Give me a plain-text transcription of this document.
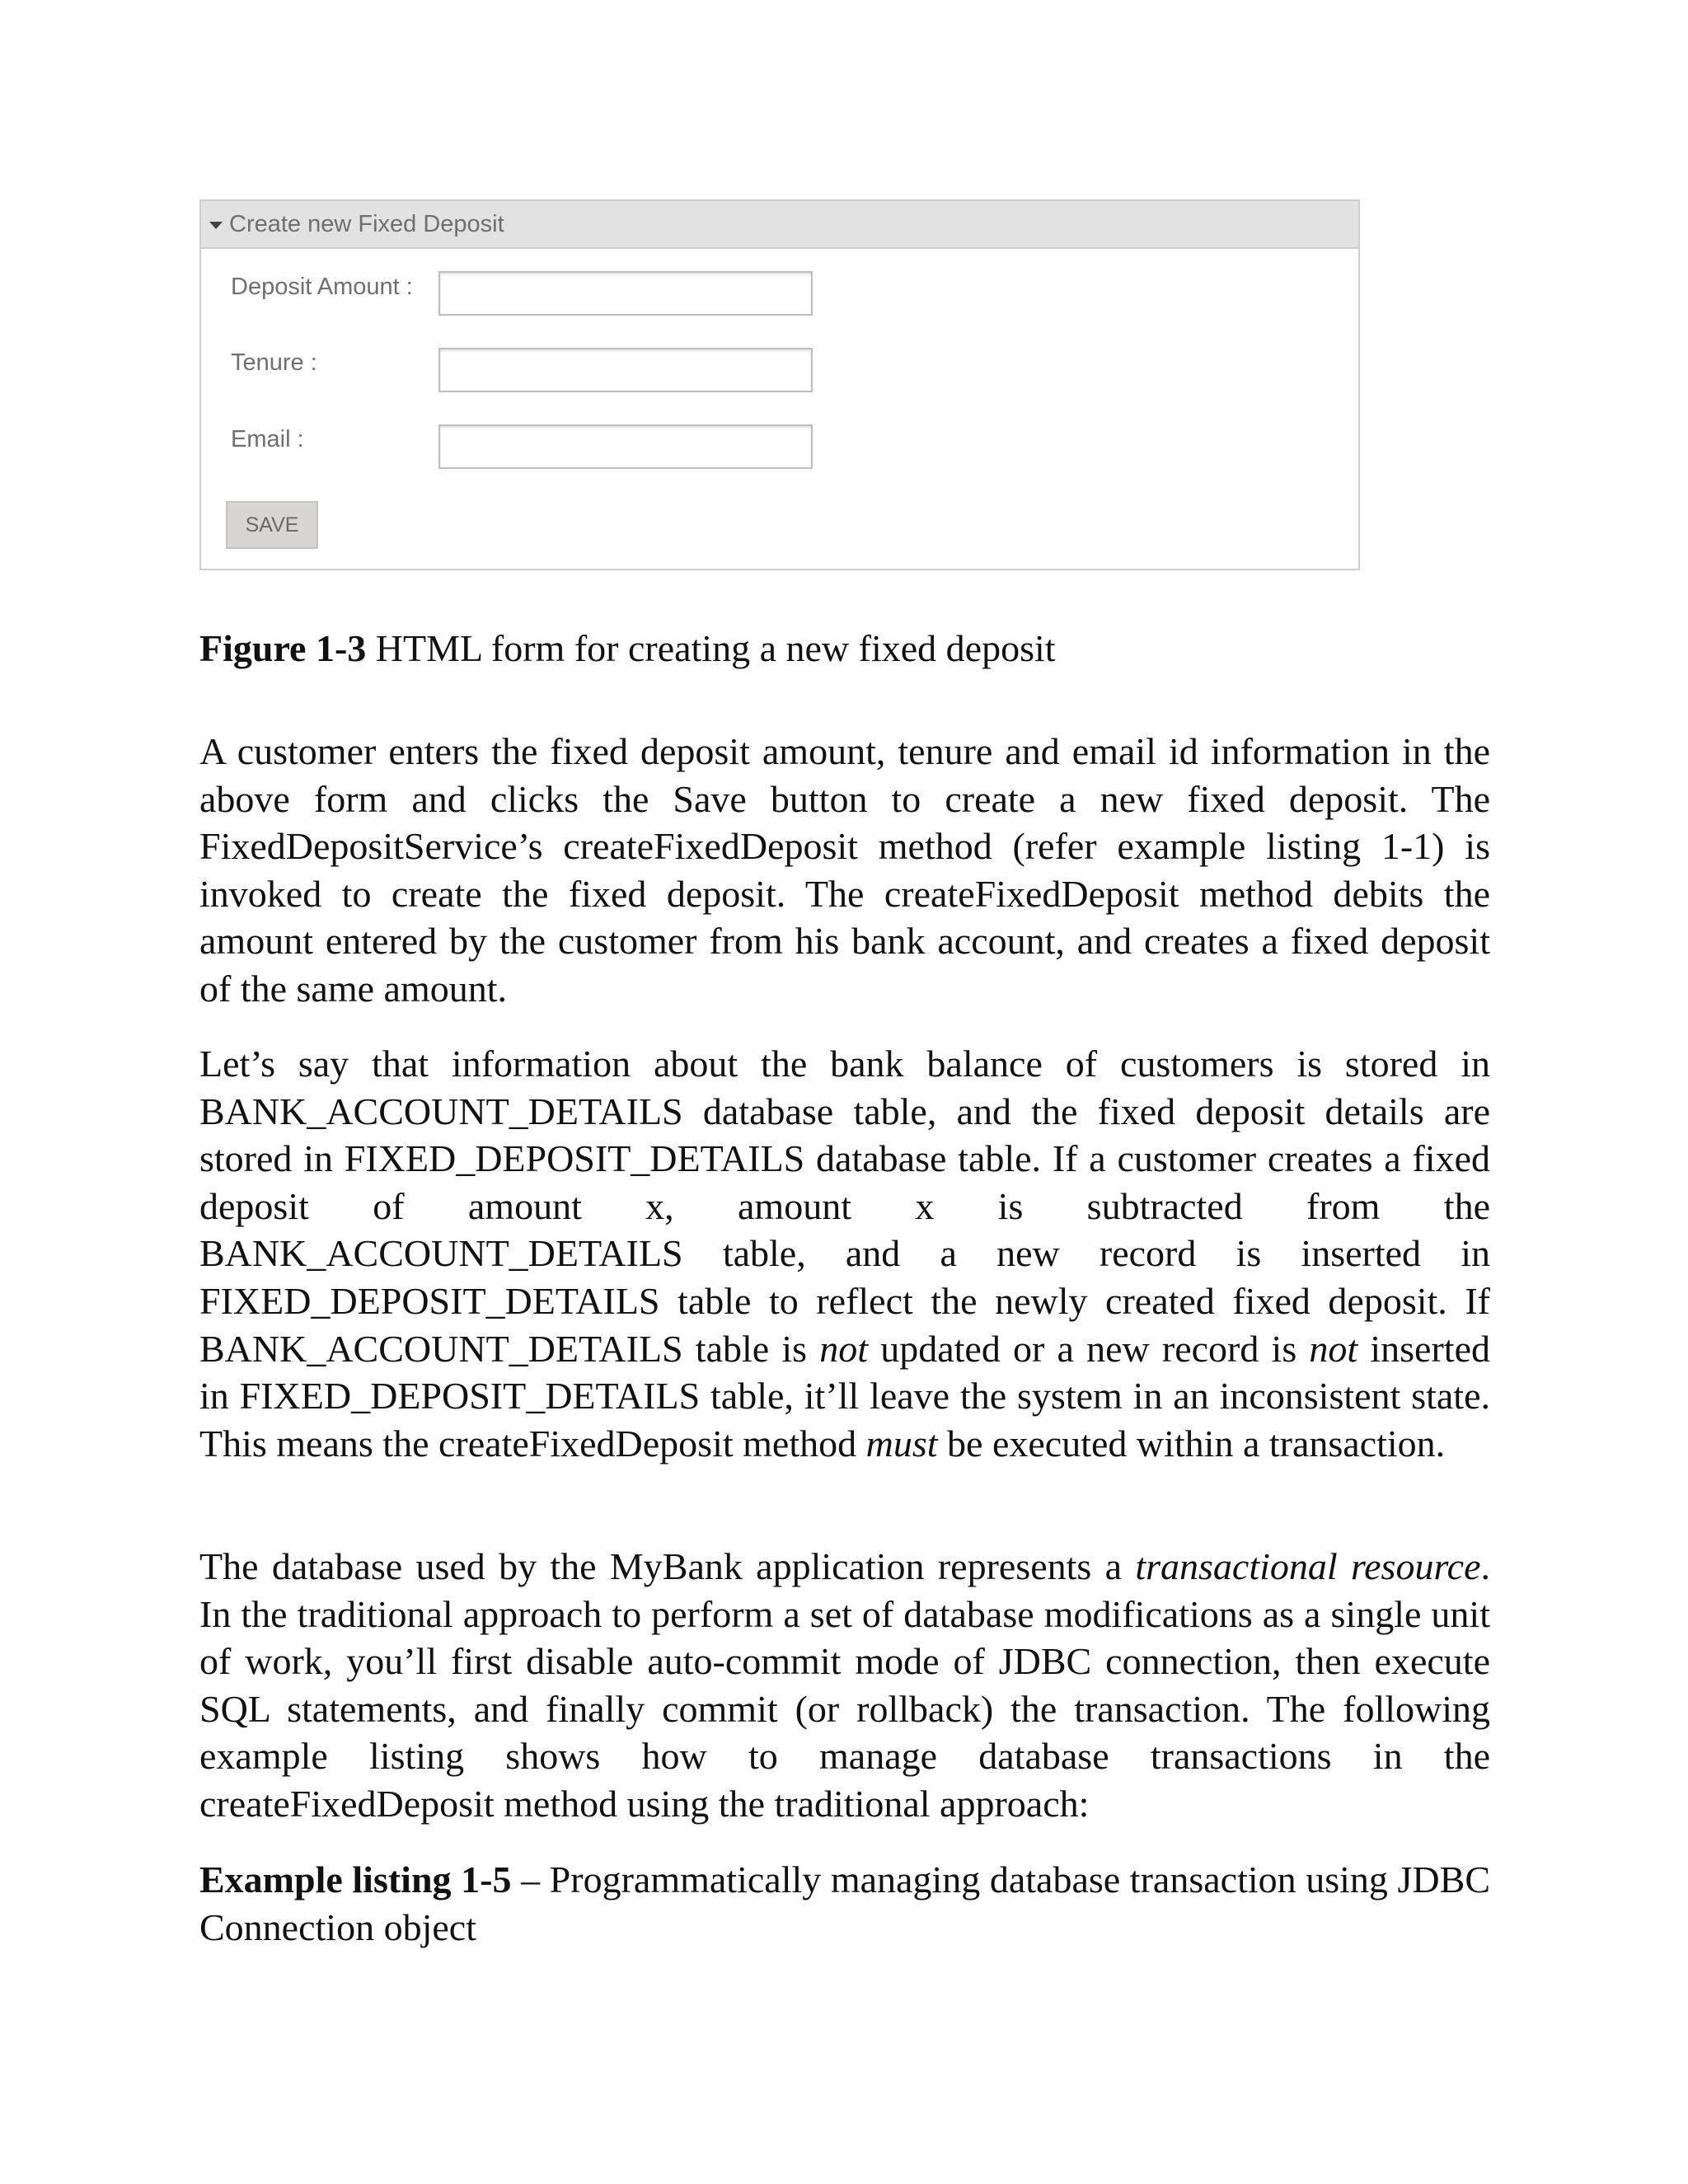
Create new Fixed Deposit
Deposit Amount :
Tenure :
Email :
SAVE
Figure 1-3 HTML form for creating a new fixed deposit

A customer enters the fixed deposit amount, tenure and email id information in the above form and clicks the Save button to create a new fixed deposit. The FixedDepositService’s createFixedDeposit method (refer example listing 1-1) is invoked to create the fixed deposit. The createFixedDeposit method debits the amount entered by the customer from his bank account, and creates a fixed deposit of the same amount.

Let’s say that information about the bank balance of customers is stored in BANK_ACCOUNT_DETAILS database table, and the fixed deposit details are stored in FIXED_DEPOSIT_DETAILS database table. If a customer creates a fixed deposit of amount x, amount x is subtracted from the BANK_ACCOUNT_DETAILS table, and a new record is inserted in FIXED_DEPOSIT_DETAILS table to reflect the newly created fixed deposit. If BANK_ACCOUNT_DETAILS table is not updated or a new record is not inserted in FIXED_DEPOSIT_DETAILS table, it’ll leave the system in an inconsistent state. This means the createFixedDeposit method must be executed within a transaction.

The database used by the MyBank application represents a transactional resource. In the traditional approach to perform a set of database modifications as a single unit of work, you’ll first disable auto-commit mode of JDBC connection, then execute SQL statements, and finally commit (or rollback) the transaction. The following example listing shows how to manage database transactions in the createFixedDeposit method using the traditional approach:

Example listing 1-5 – Programmatically managing database transaction using JDBC Connection object
